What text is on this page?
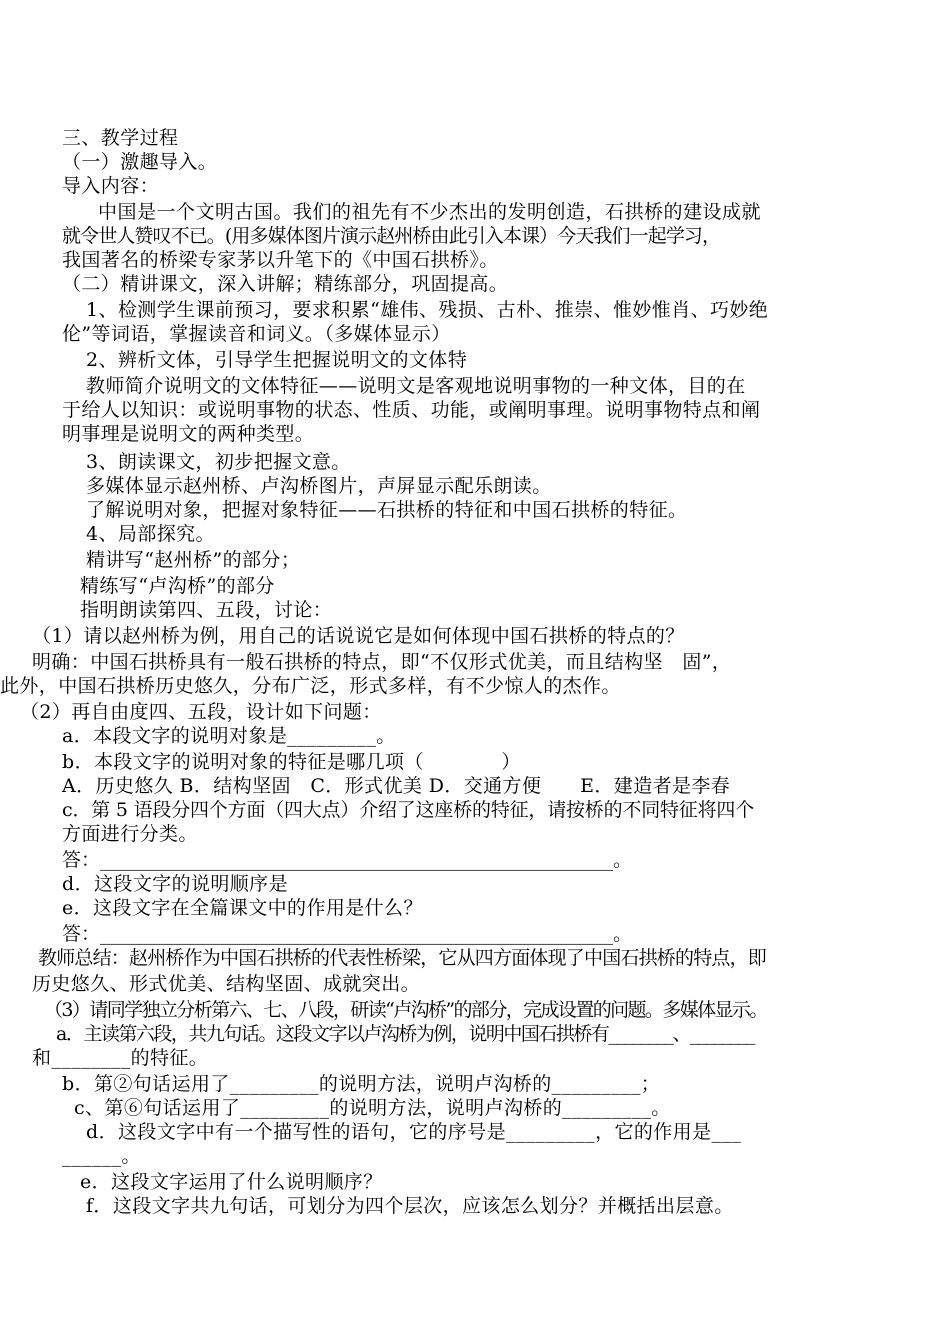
三、教学过程
（一）激趣导入。
导入内容：
中国是一个文明古国。我们的祖先有不少杰出的发明创造，石拱桥的建设成就
就令世人赞叹不已。(用多媒体图片演示赵州桥由此引入本课）今天我们一起学习，
我国著名的桥梁专家茅以升笔下的《中国石拱桥》。
（二）精讲课文，深入讲解；精练部分，巩固提高。
1、检测学生课前预习，要求积累“雄伟、残损、古朴、推崇、惟妙惟肖、巧妙绝
伦”等词语，掌握读音和词义。（多媒体显示）
2、辨析文体，引导学生把握说明文的文体特
教师简介说明文的文体特征——说明文是客观地说明事物的一种文体，目的在
于给人以知识：或说明事物的状态、性质、功能，或阐明事理。说明事物特点和阐
明事理是说明文的两种类型。
3、朗读课文，初步把握文意。
多媒体显示赵州桥、卢沟桥图片，声屏显示配乐朗读。
了解说明对象，把握对象特征——石拱桥的特征和中国石拱桥的特征。
4、局部探究。
精讲写“赵州桥”的部分；
精练写“卢沟桥”的部分
指明朗读第四、五段，讨论：
（1）请以赵州桥为例，用自己的话说说它是如何体现中国石拱桥的特点的？
明确：中国石拱桥具有一般石拱桥的特点，即“不仅形式优美，而且结构坚　固”，
此外，中国石拱桥历史悠久，分布广泛，形式多样，有不少惊人的杰作。
（2）再自由度四、五段，设计如下问题：
a．本段文字的说明对象是_________。
b．本段文字的说明对象的特征是哪几项（　　　　）
A．历史悠久 B．结构坚固　C．形式优美 D．交通方便　　E．建造者是李春
c．第 5 语段分四个方面（四大点）介绍了这座桥的特征，请按桥的不同特征将四个
方面进行分类。
答：______________________________________________________。
d．这段文字的说明顺序是
e．这段文字在全篇课文中的作用是什么？
答：______________________________________________________。
教师总结：赵州桥作为中国石拱桥的代表性桥梁，它从四方面体现了中国石拱桥的特点，即
历史悠久、形式优美、结构坚固、成就突出。
（3）请同学独立分析第六、七、八段，研读“卢沟桥”的部分，完成设置的问题。多媒体显示。
a．主读第六段，共九句话。这段文字以卢沟桥为例，说明中国石拱桥有________、________
和________的特征。
b．第②句话运用了_________的说明方法，说明卢沟桥的_________；
c、第⑥句话运用了_________的说明方法，说明卢沟桥的_________。
d．这段文字中有一个描写性的语句，它的序号是_________，它的作用是___
______。
e．这段文字运用了什么说明顺序？
f．这段文字共九句话，可划分为四个层次，应该怎么划分？并概括出层意。
